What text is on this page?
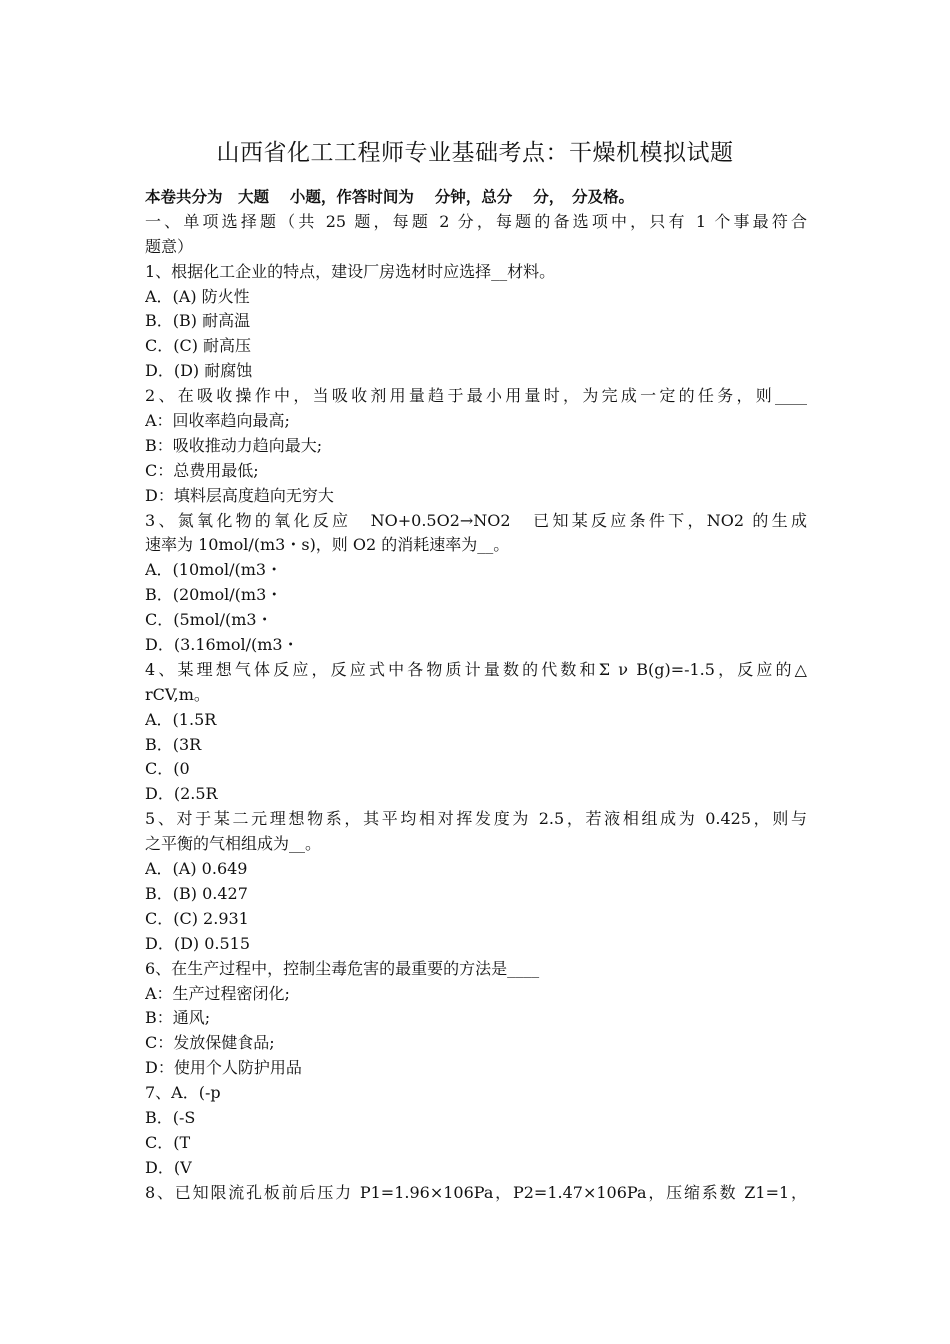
山西省化工工程师专业基础考点：干燥机模拟试题
本卷共分为　大题　 小题，作答时间为　 分钟，总分　 分，　分及格。
一、单项选择题（共 25 题，每题 2 分，每题的备选项中，只有 1 个事最符合
题意）
1、根据化工企业的特点，建设厂房选材时应选择__材料。
A．(A) 防火性
B．(B) 耐高温
C．(C) 耐高压
D．(D) 耐腐蚀
2、在吸收操作中，当吸收剂用量趋于最小用量时，为完成一定的任务，则____
A：回收率趋向最高;
B：吸收推动力趋向最大;
C：总费用最低;
D：填料层高度趋向无穷大
3、氮氧化物的氧化反应　NO+0.5O2→NO2　已知某反应条件下，NO2 的生成
速率为 10mol/(m3・s)，则 O2 的消耗速率为__。
A．(10mol/(m3・
B．(20mol/(m3・
C．(5mol/(m3・
D．(3.16mol/(m3・
4、某理想气体反应，反应式中各物质计量数的代数和Σ ν B(g)=-1.5，反应的△
rCV,m。
A．(1.5R
B．(3R
C．(0
D．(2.5R
5、对于某二元理想物系，其平均相对挥发度为 2.5，若液相组成为 0.425，则与
之平衡的气相组成为__。
A．(A) 0.649
B．(B) 0.427
C．(C) 2.931
D．(D) 0.515
6、在生产过程中，控制尘毒危害的最重要的方法是____
A：生产过程密闭化;
B：通风;
C：发放保健食品;
D：使用个人防护用品
7、A．(-p
B．(-S
C．(T
D．(V
8、已知限流孔板前后压力 P1=1.96×106Pa，P2=1.47×106Pa，压缩系数 Z1=1，
